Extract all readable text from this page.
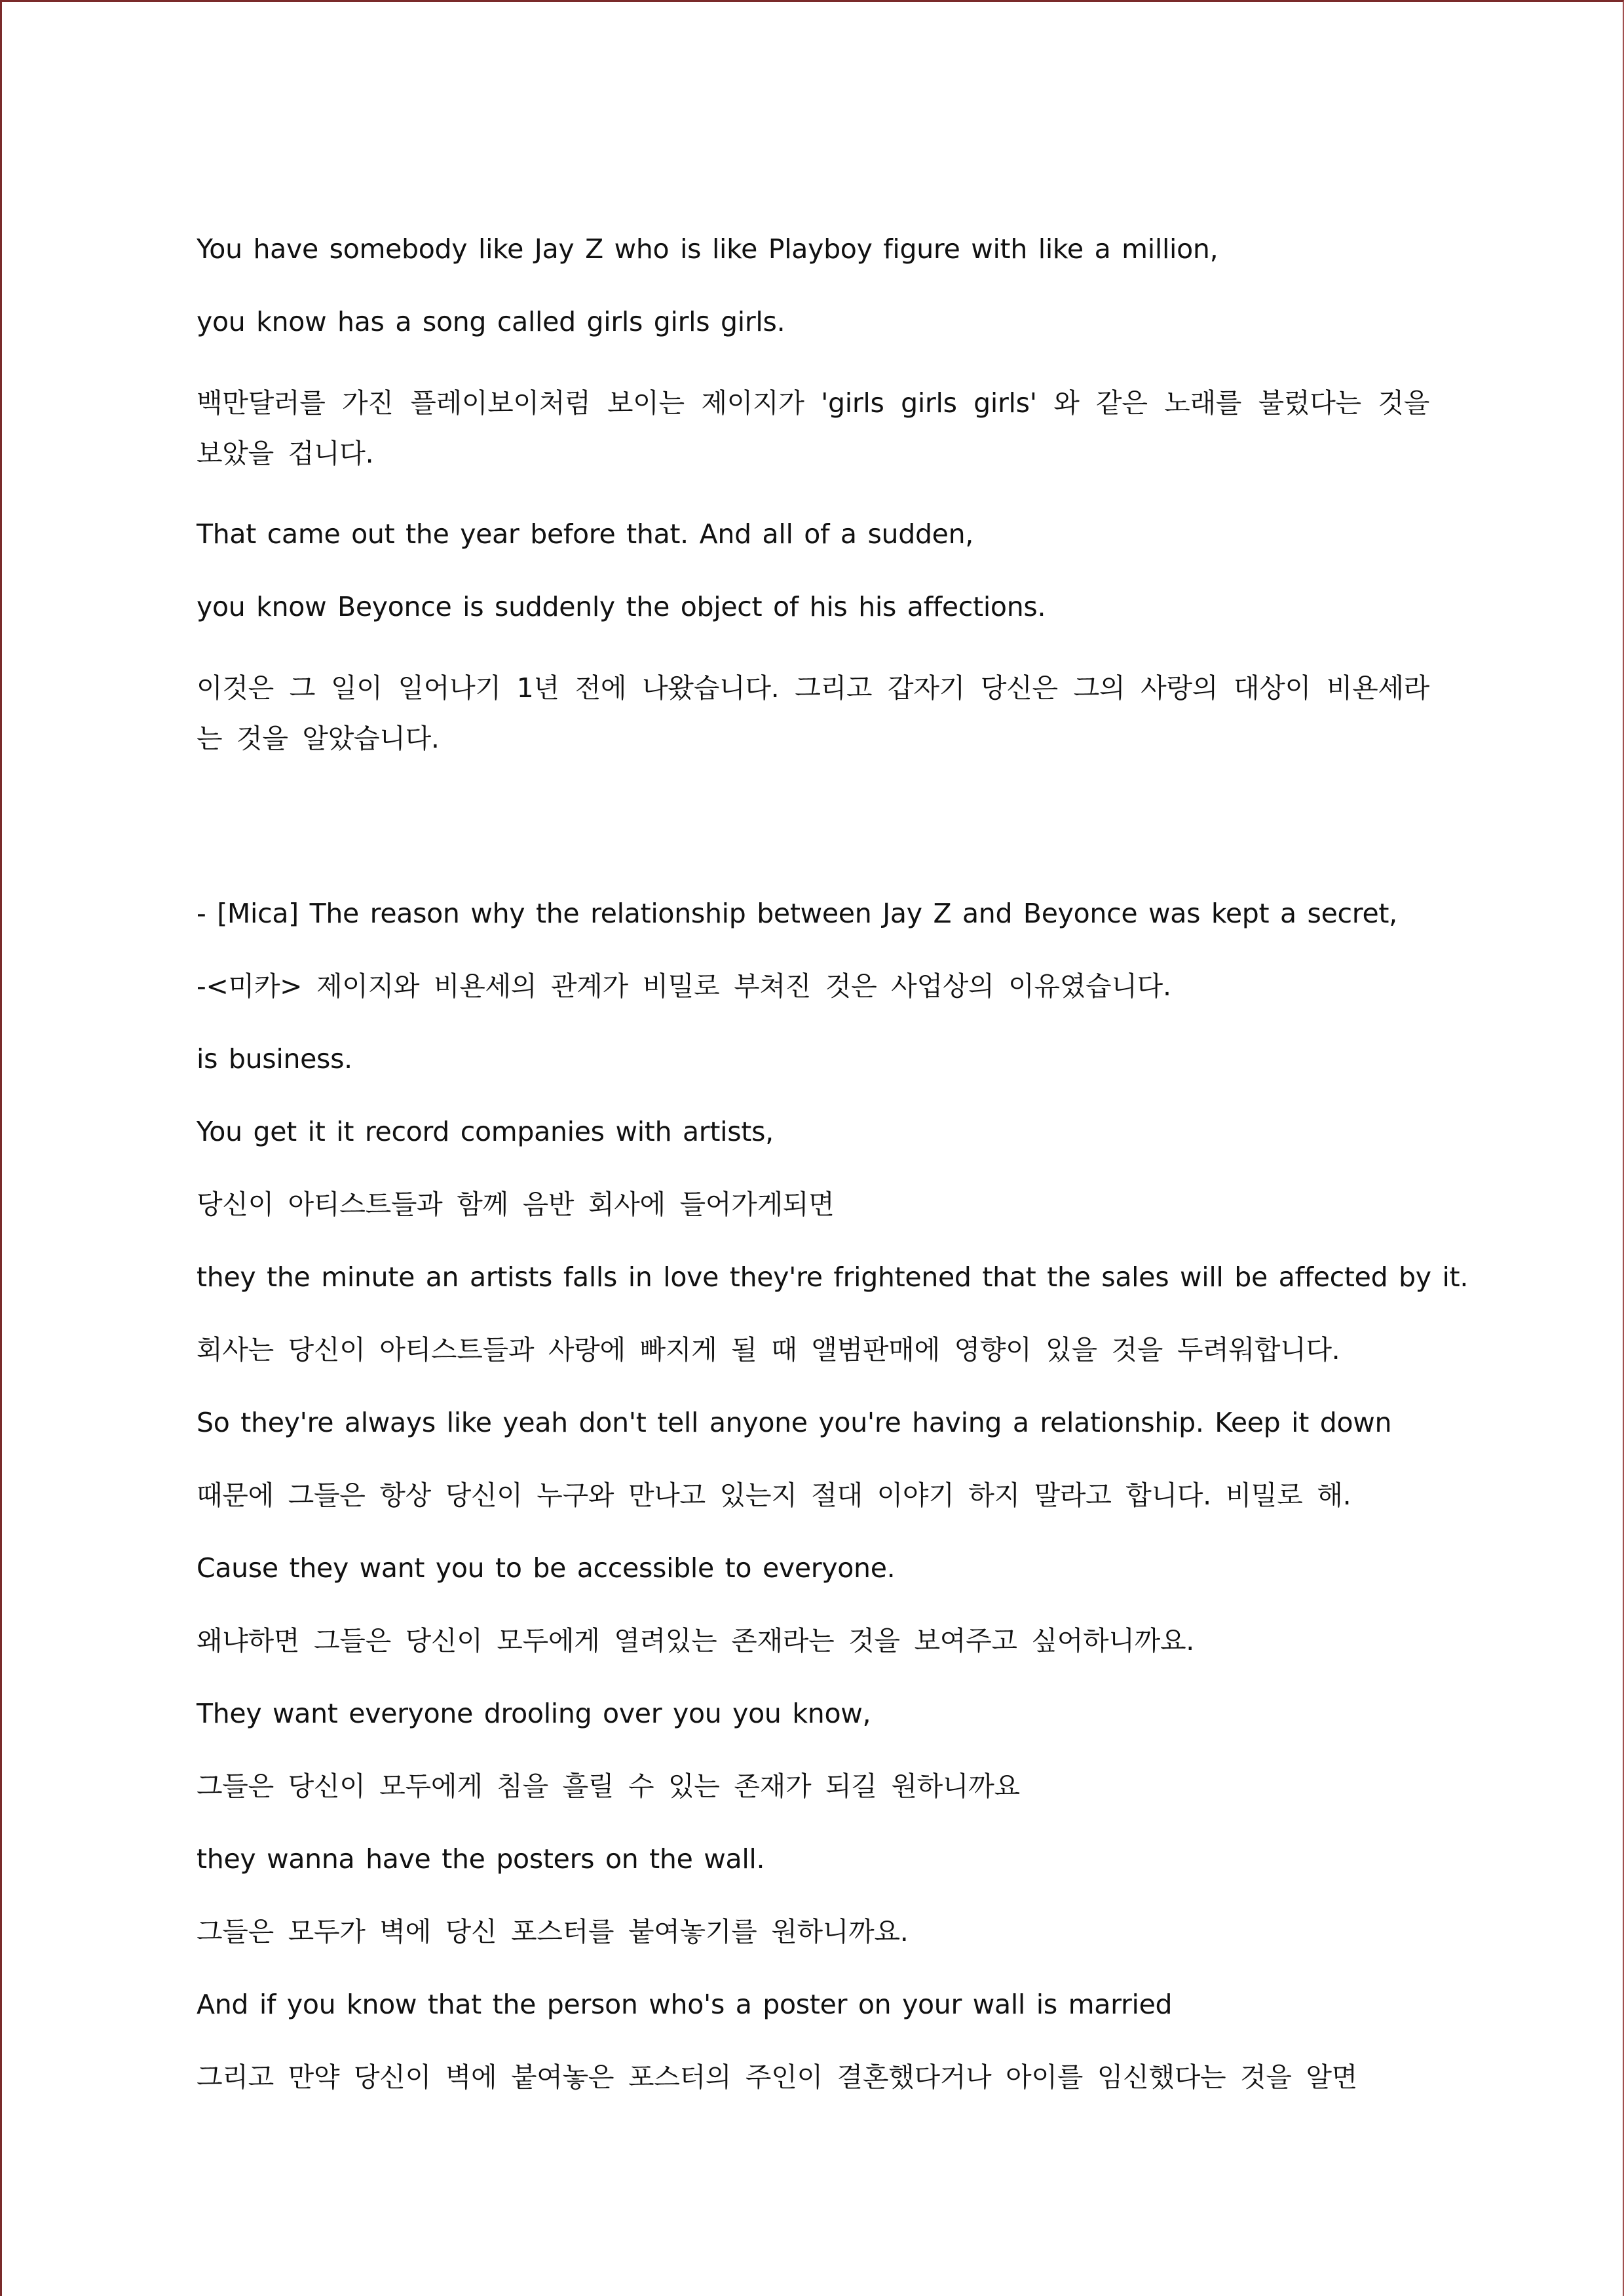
You have somebody like Jay Z who is like Playboy figure with like a million,

you know has a song called girls girls girls.

백만달러를 가진 플레이보이처럼 보이는 제이지가 'girls girls girls' 와 같은 노래를 불렀다는 것을 보았을 겁니다.

That came out the year before that. And all of a sudden,

you know Beyonce is suddenly the object of his his affections.

이것은 그 일이 일어나기 1년 전에 나왔습니다. 그리고 갑자기 당신은 그의 사랑의 대상이 비욘세라는 것을 알았습니다.

- [Mica] The reason why the relationship between Jay Z and Beyonce was kept a secret,

-<미카> 제이지와 비욘세의 관계가 비밀로 부쳐진 것은 사업상의 이유였습니다.

is business.

You get it it record companies with artists,

당신이 아티스트들과 함께 음반 회사에 들어가게되면

they the minute an artists falls in love they're frightened that the sales will be affected by it.

회사는 당신이 아티스트들과 사랑에 빠지게 될 때 앨범판매에 영향이 있을 것을 두려워합니다.

So they're always like yeah don't tell anyone you're having a relationship. Keep it down

때문에 그들은 항상 당신이 누구와 만나고 있는지 절대 이야기 하지 말라고 합니다. 비밀로 해.

Cause they want you to be accessible to everyone.

왜냐하면 그들은 당신이 모두에게 열려있는 존재라는 것을 보여주고 싶어하니까요.

They want everyone drooling over you you know,

그들은 당신이 모두에게 침을 흘릴 수 있는 존재가 되길 원하니까요

they wanna have the posters on the wall.

그들은 모두가 벽에 당신 포스터를 붙여놓기를 원하니까요.

And if you know that the person who's a poster on your wall is married

그리고 만약 당신이 벽에 붙여놓은 포스터의 주인이 결혼했다거나 아이를 임신했다는 것을 알면
